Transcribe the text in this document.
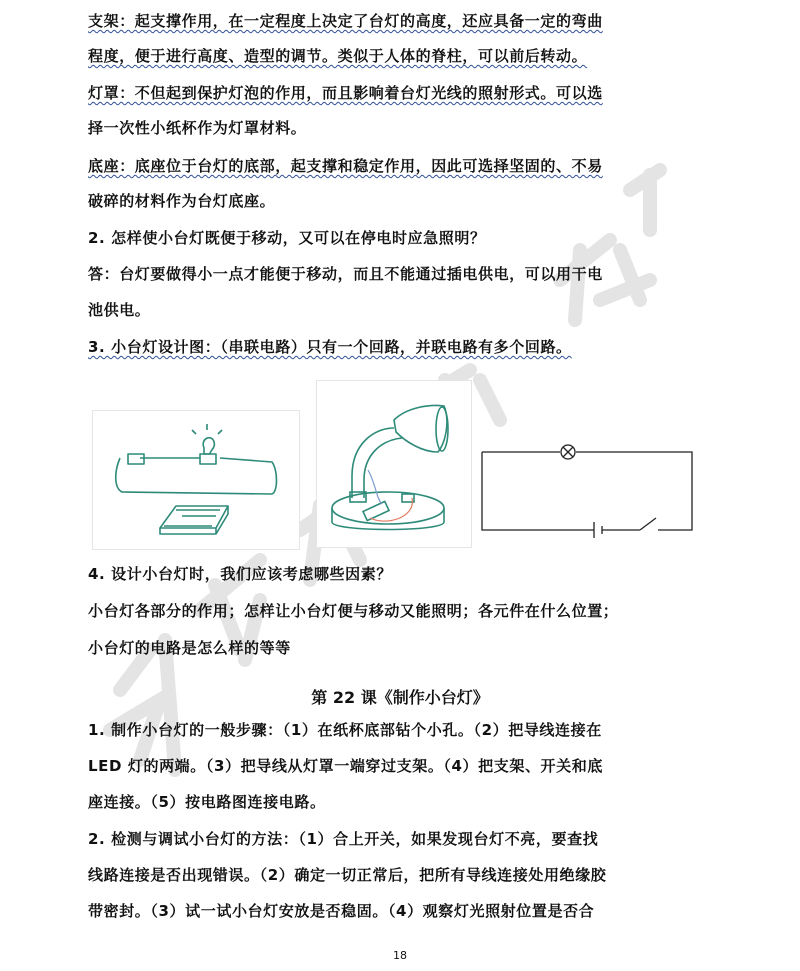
支架：起支撑作用，在一定程度上决定了台灯的高度，还应具备一定的弯曲
程度，便于进行高度、造型的调节。类似于人体的脊柱，可以前后转动。
灯罩：不但起到保护灯泡的作用，而且影响着台灯光线的照射形式。可以选
择一次性小纸杯作为灯罩材料。
底座：底座位于台灯的底部，起支撑和稳定作用，因此可选择坚固的、不易
破碎的材料作为台灯底座。
2. 怎样使小台灯既便于移动，又可以在停电时应急照明？
答：台灯要做得小一点才能便于移动，而且不能通过插电供电，可以用干电
池供电。
3. 小台灯设计图：（串联电路）只有一个回路，并联电路有多个回路。
4. 设计小台灯时，我们应该考虑哪些因素？
小台灯各部分的作用；怎样让小台灯便与移动又能照明；各元件在什么位置；
小台灯的电路是怎么样的等等
第 22 课《制作小台灯》
1. 制作小台灯的一般步骤：（1）在纸杯底部钻个小孔。（2）把导线连接在
LED 灯的两端。（3）把导线从灯罩一端穿过支架。（4）把支架、开关和底
座连接。（5）按电路图连接电路。
2. 检测与调试小台灯的方法：（1）合上开关，如果发现台灯不亮，要查找
线路连接是否出现错误。（2）确定一切正常后，把所有导线连接处用绝缘胶
带密封。（3）试一试小台灯安放是否稳固。（4）观察灯光照射位置是否合
18
